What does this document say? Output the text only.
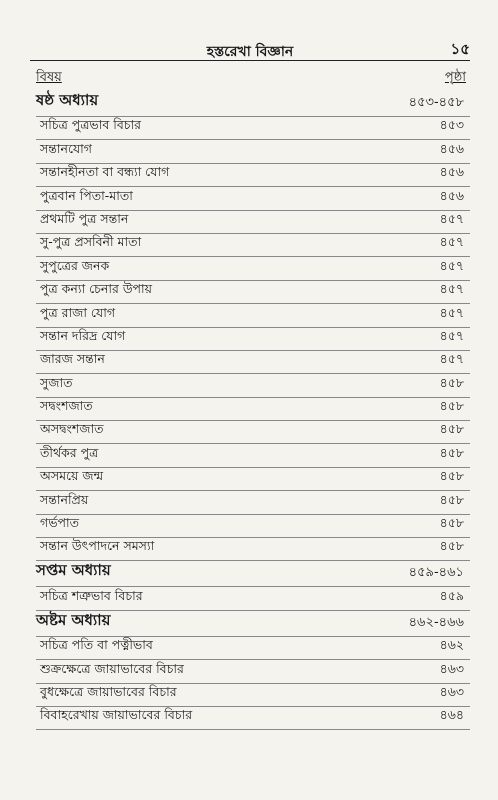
হস্তরেখা বিজ্ঞান	১৫
বিষয়	পৃষ্ঠা
ষষ্ঠ অধ্যায়	৪৫৩-৪৫৮
সচিত্র পুত্রভাব বিচার	৪৫৩
সন্তানযোগ	৪৫৬
সন্তানহীনতা বা বন্ধ্যা যোগ	৪৫৬
পুত্রবান পিতা-মাতা	৪৫৬
প্রথমটি পুত্র সন্তান	৪৫৭
সু-পুত্র প্রসবিনী মাতা	৪৫৭
সুপুত্রের জনক	৪৫৭
পুত্র কন্যা চেনার উপায়	৪৫৭
পুত্র রাজা যোগ	৪৫৭
সন্তান দরিদ্র যোগ	৪৫৭
জারজ সন্তান	৪৫৭
সুজাত	৪৫৮
সদ্বংশজাত	৪৫৮
অসদ্বংশজাত	৪৫৮
তীর্থকর পুত্র	৪৫৮
অসময়ে জন্ম	৪৫৮
সন্তানপ্রিয়	৪৫৮
গর্ভপাত	৪৫৮
সন্তান উৎপাদনে সমস্যা	৪৫৮
সপ্তম অধ্যায়	৪৫৯-৪৬১
সচিত্র শত্রুভাব বিচার	৪৫৯
অষ্টম অধ্যায়	৪৬২-৪৬৬
সচিত্র পতি বা পত্নীভাব	৪৬২
শুক্রক্ষেত্রে জায়াভাবের বিচার	৪৬৩
বুধক্ষেত্রে জায়াভাবের বিচার	৪৬৩
বিবাহরেখায় জায়াভাবের বিচার	৪৬৪
